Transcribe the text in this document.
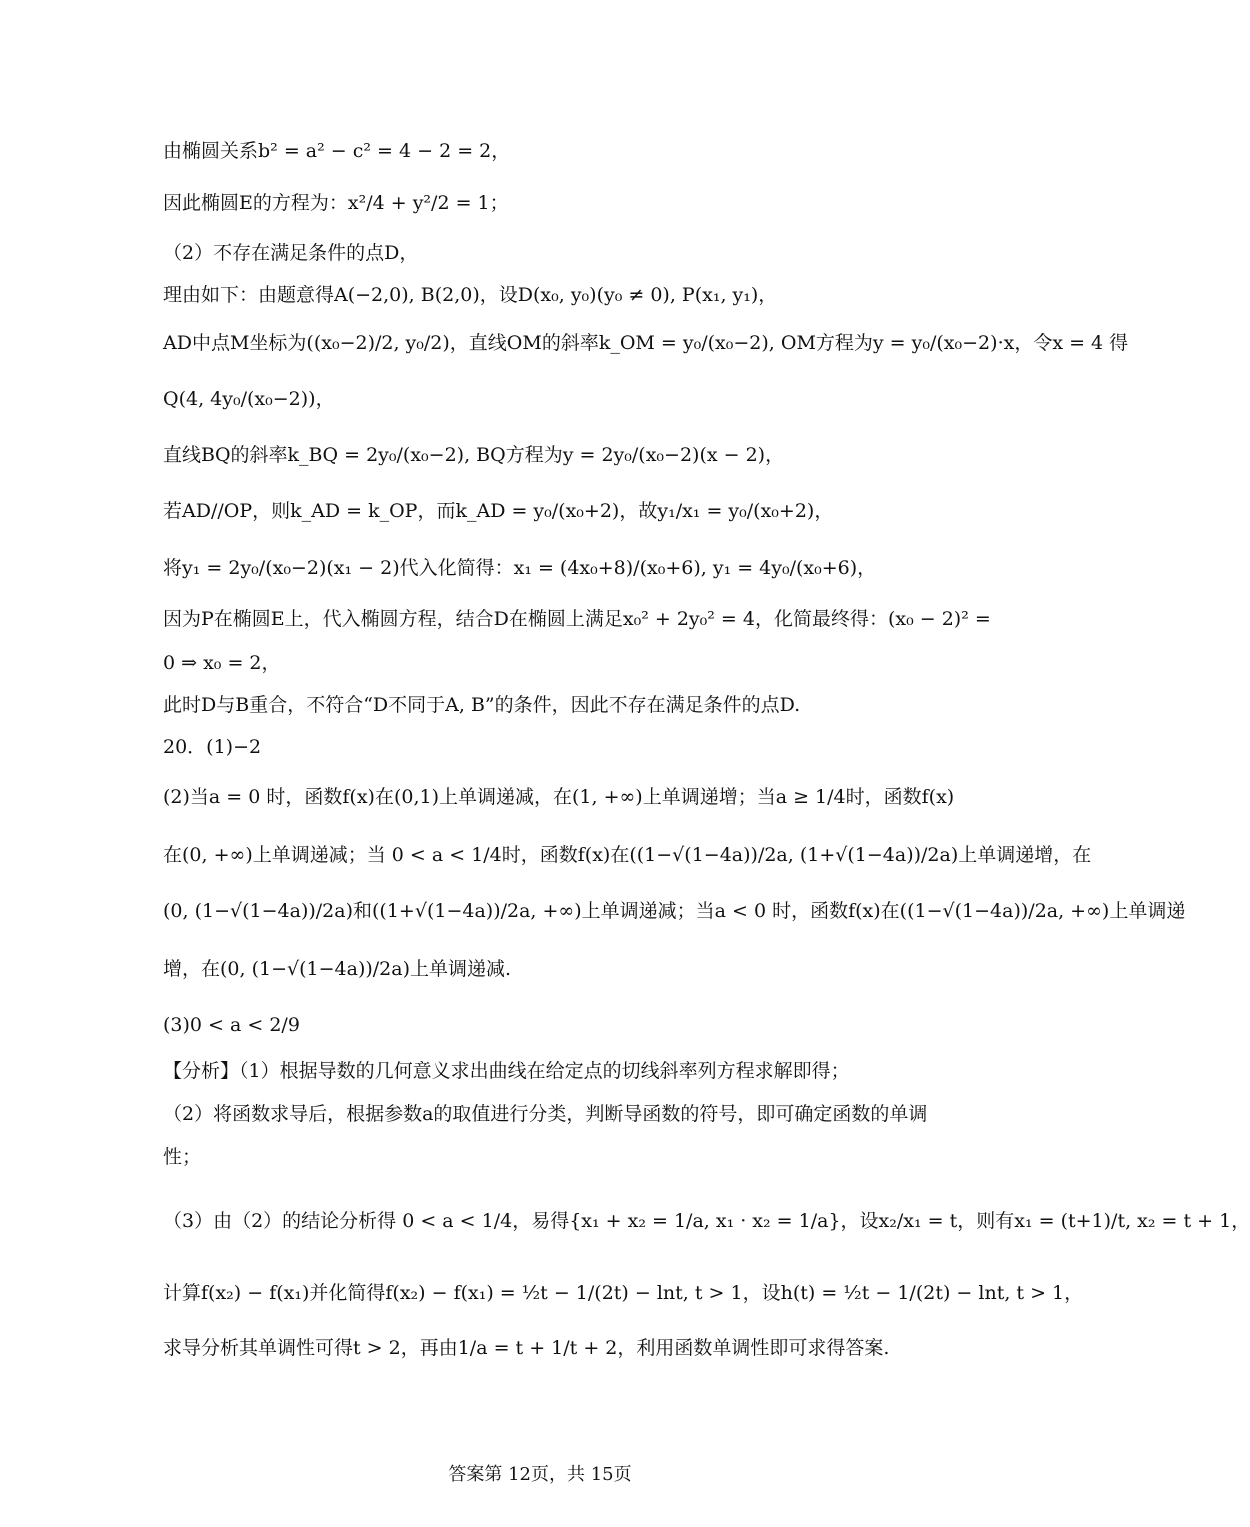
由椭圆关系b² = a² − c² = 4 − 2 = 2，
因此椭圆E的方程为：x²/4 + y²/2 = 1；
（2）不存在满足条件的点D，
理由如下：由题意得A(−2,0), B(2,0)，设D(x₀, y₀)(y₀ ≠ 0), P(x₁, y₁)，
AD中点M坐标为((x₀−2)/2, y₀/2)，直线OM的斜率k_OM = y₀/(x₀−2), OM方程为y = y₀/(x₀−2)·x，令x = 4 得
Q(4, 4y₀/(x₀−2))，
直线BQ的斜率k_BQ = 2y₀/(x₀−2), BQ方程为y = 2y₀/(x₀−2)(x − 2)，
若AD//OP，则k_AD = k_OP，而k_AD = y₀/(x₀+2)，故y₁/x₁ = y₀/(x₀+2)，
将y₁ = 2y₀/(x₀−2)(x₁ − 2)代入化简得：x₁ = (4x₀+8)/(x₀+6), y₁ = 4y₀/(x₀+6)，
因为P在椭圆E上，代入椭圆方程，结合D在椭圆上满足x₀² + 2y₀² = 4，化简最终得：(x₀ − 2)² =
0 ⇒ x₀ = 2，
此时D与B重合，不符合“D不同于A, B”的条件，因此不存在满足条件的点D.
20．(1)−2
(2)当a = 0 时，函数f(x)在(0,1)上单调递减，在(1, +∞)上单调递增；当a ≥ 1/4时，函数f(x)
在(0, +∞)上单调递减；当 0 < a < 1/4时，函数f(x)在((1−√(1−4a))/2a, (1+√(1−4a))/2a)上单调递增，在
(0, (1−√(1−4a))/2a)和((1+√(1−4a))/2a, +∞)上单调递减；当a < 0 时，函数f(x)在((1−√(1−4a))/2a, +∞)上单调递
增，在(0, (1−√(1−4a))/2a)上单调递减.
(3)0 < a < 2/9
【分析】（1）根据导数的几何意义求出曲线在给定点的切线斜率列方程求解即得；
（2）将函数求导后，根据参数a的取值进行分类，判断导函数的符号，即可确定函数的单调
性；
（3）由（2）的结论分析得 0 < a < 1/4，易得{x₁ + x₂ = 1/a, x₁ · x₂ = 1/a}，设x₂/x₁ = t，则有x₁ = (t+1)/t, x₂ = t + 1，
计算f(x₂) − f(x₁)并化简得f(x₂) − f(x₁) = ½t − 1/(2t) − lnt, t > 1，设h(t) = ½t − 1/(2t) − lnt, t > 1，
求导分析其单调性可得t > 2，再由1/a = t + 1/t + 2，利用函数单调性即可求得答案.
答案第 12页，共 15页
